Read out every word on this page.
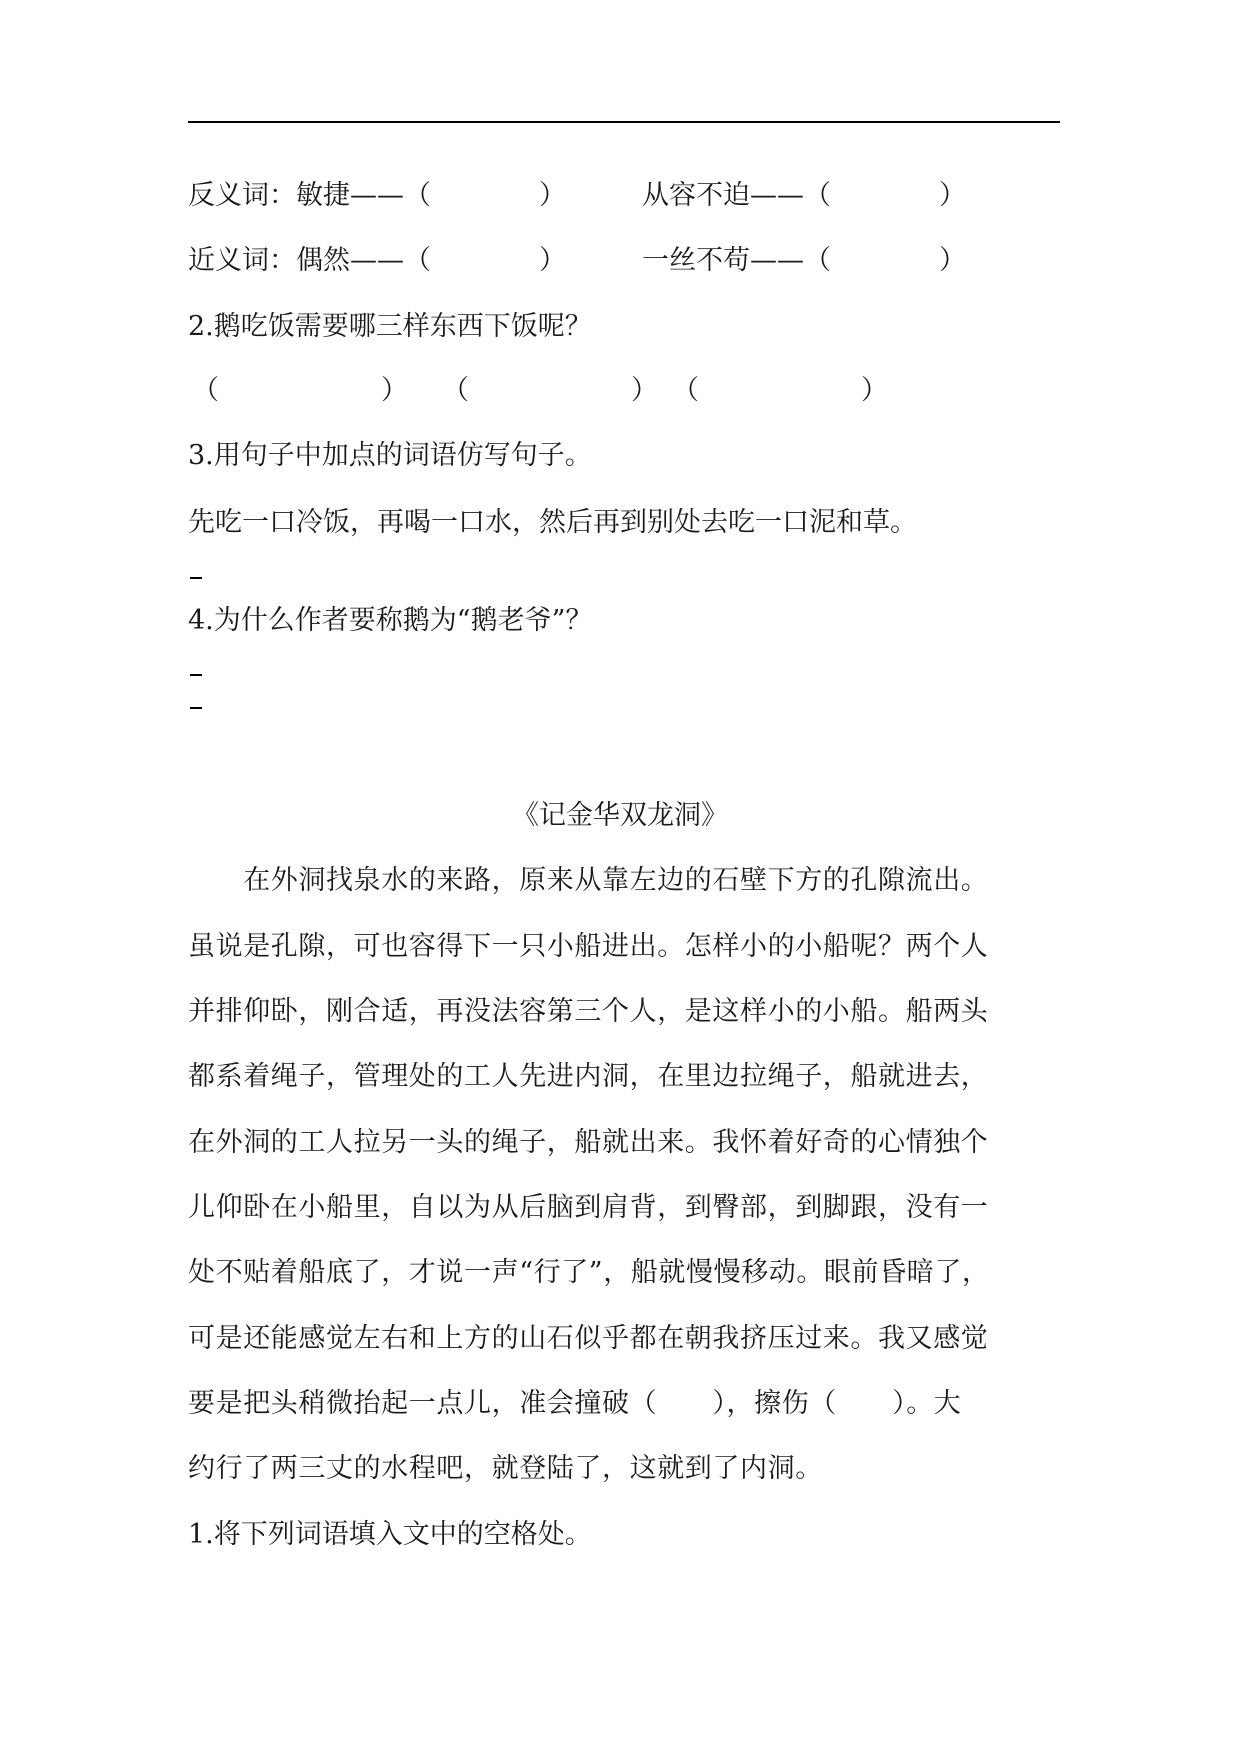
反义词：敏捷——（　　　　）	从容不迫——（　　　　）
近义词：偶然——（　　　　）	一丝不苟——（　　　　）
2.鹅吃饭需要哪三样东西下饭呢？
（　　　　　　） （　　　　　　） （　　　　　　）
3.用句子中加点的词语仿写句子。
先吃一口冷饭，再喝一口水，然后再到别处去吃一口泥和草。
4.为什么作者要称鹅为“鹅老爷”？
《记金华双龙洞》
　　在外洞找泉水的来路，原来从靠左边的石壁下方的孔隙流出。
虽说是孔隙，可也容得下一只小船进出。怎样小的小船呢？两个人
并排仰卧，刚合适，再没法容第三个人，是这样小的小船。船两头
都系着绳子，管理处的工人先进内洞，在里边拉绳子，船就进去，
在外洞的工人拉另一头的绳子，船就出来。我怀着好奇的心情独个
儿仰卧在小船里，自以为从后脑到肩背，到臀部，到脚跟，没有一
处不贴着船底了，才说一声“行了”，船就慢慢移动。眼前昏暗了，
可是还能感觉左右和上方的山石似乎都在朝我挤压过来。我又感觉
要是把头稍微抬起一点儿，准会撞破（　　），擦伤（　　）。大
约行了两三丈的水程吧，就登陆了，这就到了内洞。
1.将下列词语填入文中的空格处。
